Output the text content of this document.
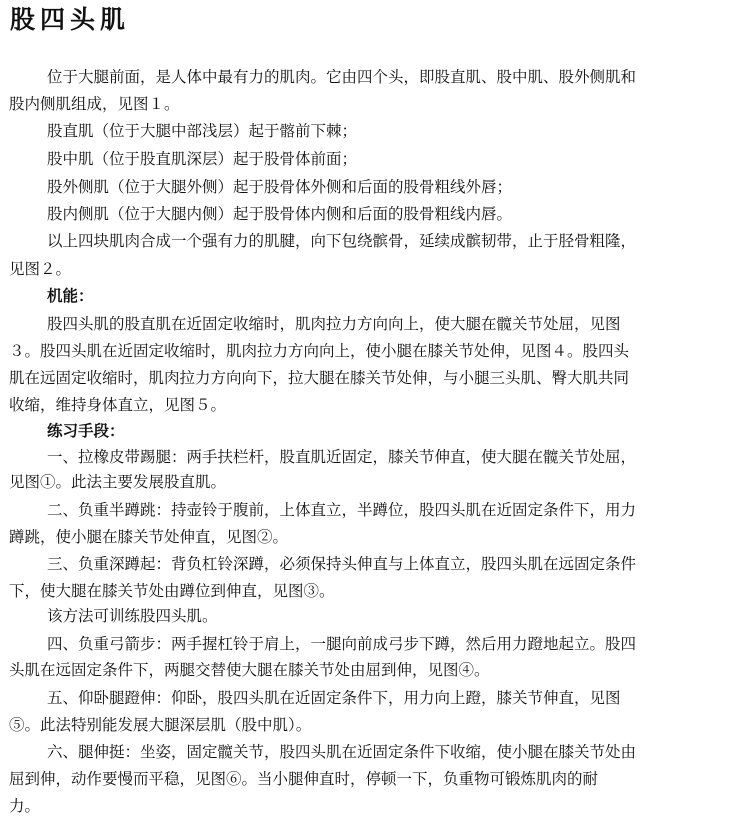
股四头肌

位于大腿前面，是人体中最有力的肌肉。它由四个头，即股直肌、股中肌、股外侧肌和

股内侧肌组成，见图１。

股直肌（位于大腿中部浅层）起于髂前下棘；

股中肌（位于股直肌深层）起于股骨体前面；

股外侧肌（位于大腿外侧）起于股骨体外侧和后面的股骨粗线外唇；

股内侧肌（位于大腿内侧）起于股骨体内侧和后面的股骨粗线内唇。

以上四块肌肉合成一个强有力的肌腱，向下包绕髌骨，延续成髌韧带，止于胫骨粗隆，

见图２。

机能：

股四头肌的股直肌在近固定收缩时，肌肉拉力方向向上，使大腿在髋关节处屈，见图

３。股四头肌在近固定收缩时，肌肉拉力方向向上，使小腿在膝关节处伸，见图４。股四头

肌在远固定收缩时，肌肉拉力方向向下，拉大腿在膝关节处伸，与小腿三头肌、臀大肌共同

收缩，维持身体直立，见图５。

练习手段：

一、拉橡皮带踢腿：两手扶栏杆，股直肌近固定，膝关节伸直，使大腿在髋关节处屈，

见图①。此法主要发展股直肌。

二、负重半蹲跳：持壶铃于腹前，上体直立，半蹲位，股四头肌在近固定条件下，用力

蹲跳，使小腿在膝关节处伸直，见图②。

三、负重深蹲起：背负杠铃深蹲，必须保持头伸直与上体直立，股四头肌在远固定条件

下，使大腿在膝关节处由蹲位到伸直，见图③。

该方法可训练股四头肌。

四、负重弓箭步：两手握杠铃于肩上，一腿向前成弓步下蹲，然后用力蹬地起立。股四

头肌在远固定条件下，两腿交替使大腿在膝关节处由屈到伸，见图④。

五、仰卧腿蹬伸：仰卧，股四头肌在近固定条件下，用力向上蹬，膝关节伸直，见图

⑤。此法特别能发展大腿深层肌（股中肌）。

六、腿伸挺：坐姿，固定髋关节，股四头肌在近固定条件下收缩，使小腿在膝关节处由

屈到伸，动作要慢而平稳，见图⑥。当小腿伸直时，停顿一下，负重物可锻炼肌肉的耐

力。
